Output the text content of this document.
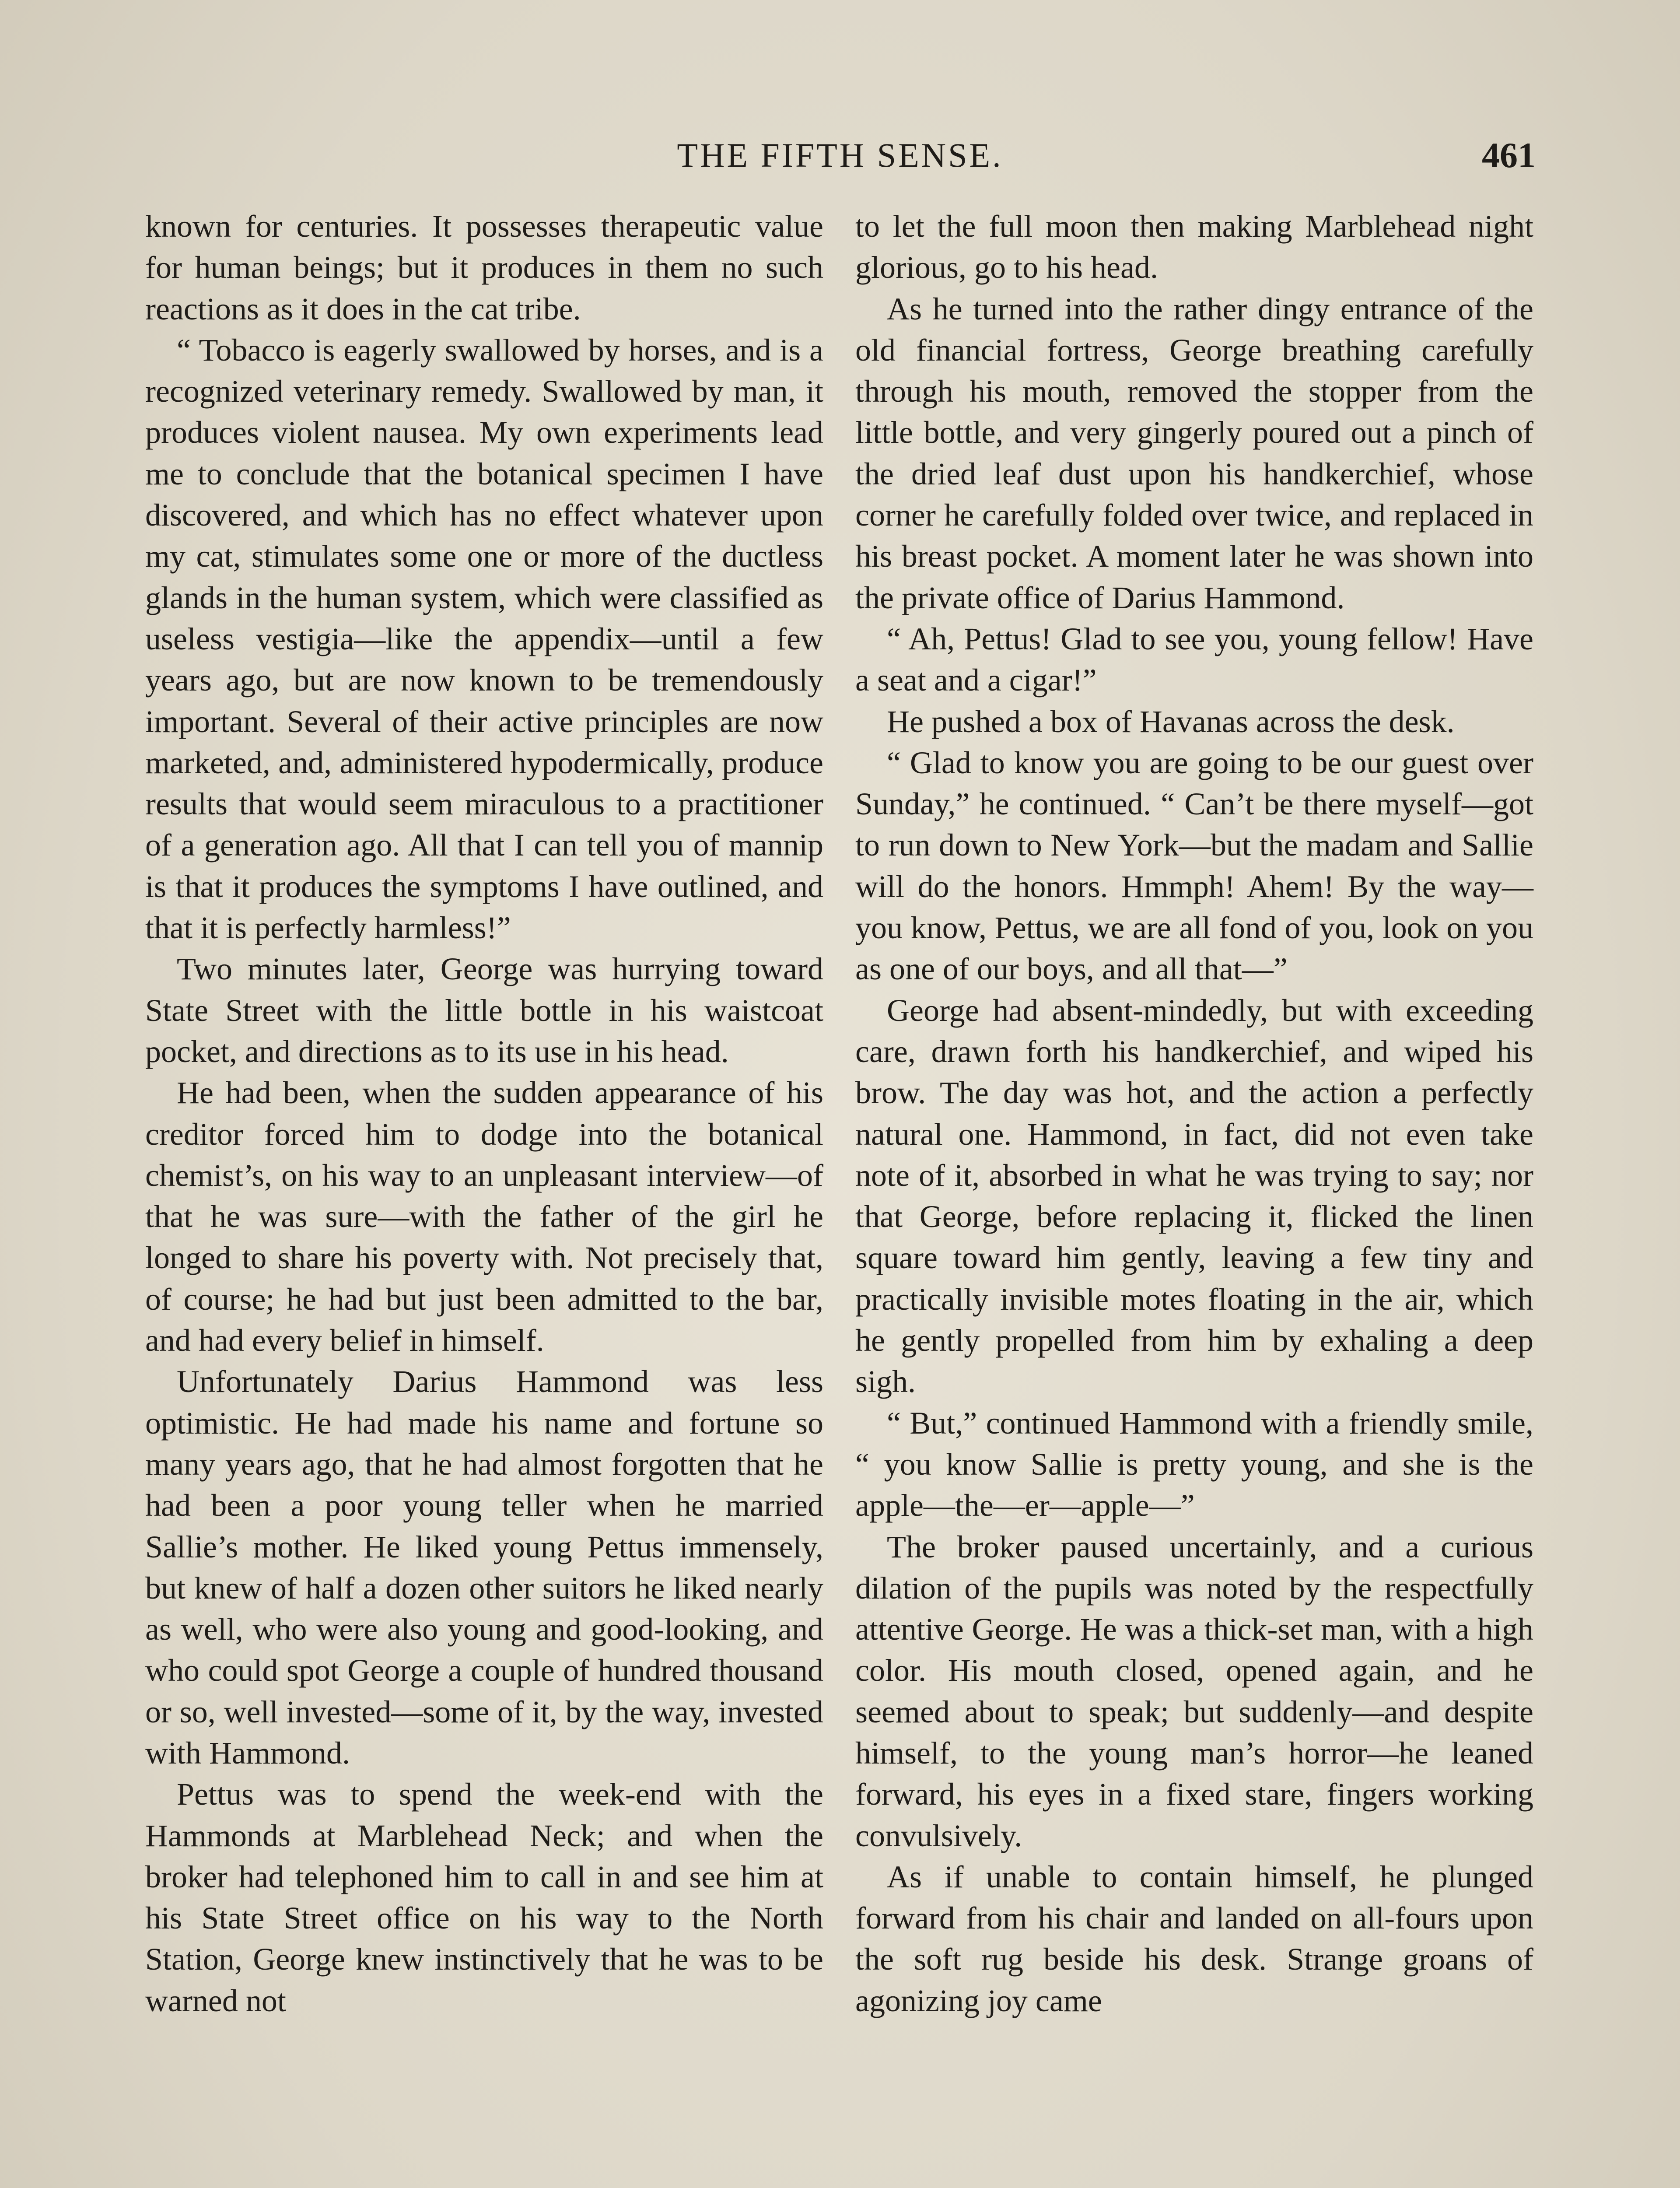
THE FIFTH SENSE.	461

known for centuries. It possesses therapeutic value for human beings; but it produces in them no such reactions as it does in the cat tribe.

“ Tobacco is eagerly swallowed by horses, and is a recognized veterinary remedy. Swallowed by man, it produces violent nausea. My own experiments lead me to conclude that the botanical specimen I have discovered, and which has no effect whatever upon my cat, stimulates some one or more of the ductless glands in the human system, which were classified as useless vestigia—like the appendix—until a few years ago, but are now known to be tremendously important. Several of their active principles are now marketed, and, administered hypodermically, produce results that would seem miraculous to a practitioner of a generation ago. All that I can tell you of mannip is that it produces the symptoms I have outlined, and that it is perfectly harmless!”

Two minutes later, George was hurrying toward State Street with the little bottle in his waistcoat pocket, and directions as to its use in his head.

He had been, when the sudden appearance of his creditor forced him to dodge into the botanical chemist’s, on his way to an unpleasant interview—of that he was sure—with the father of the girl he longed to share his poverty with. Not precisely that, of course; he had but just been admitted to the bar, and had every belief in himself.

Unfortunately Darius Hammond was less optimistic. He had made his name and fortune so many years ago, that he had almost forgotten that he had been a poor young teller when he married Sallie’s mother. He liked young Pettus immensely, but knew of half a dozen other suitors he liked nearly as well, who were also young and good-looking, and who could spot George a couple of hundred thousand or so, well invested—some of it, by the way, invested with Hammond.

Pettus was to spend the week-end with the Hammonds at Marblehead Neck; and when the broker had telephoned him to call in and see him at his State Street office on his way to the North Station, George knew instinctively that he was to be warned not

to let the full moon then making Marblehead night glorious, go to his head.

As he turned into the rather dingy entrance of the old financial fortress, George breathing carefully through his mouth, removed the stopper from the little bottle, and very gingerly poured out a pinch of the dried leaf dust upon his handkerchief, whose corner he carefully folded over twice, and replaced in his breast pocket. A moment later he was shown into the private office of Darius Hammond.

“ Ah, Pettus! Glad to see you, young fellow! Have a seat and a cigar!”

He pushed a box of Havanas across the desk.

“ Glad to know you are going to be our guest over Sunday,” he continued. “ Can’t be there myself—got to run down to New York—but the madam and Sallie will do the honors. Hmmph! Ahem! By the way—you know, Pettus, we are all fond of you, look on you as one of our boys, and all that—”

George had absent-mindedly, but with exceeding care, drawn forth his handkerchief, and wiped his brow. The day was hot, and the action a perfectly natural one. Hammond, in fact, did not even take note of it, absorbed in what he was trying to say; nor that George, before replacing it, flicked the linen square toward him gently, leaving a few tiny and practically invisible motes floating in the air, which he gently propelled from him by exhaling a deep sigh.

“ But,” continued Hammond with a friendly smile, “ you know Sallie is pretty young, and she is the apple—the—er—apple—”

The broker paused uncertainly, and a curious dilation of the pupils was noted by the respectfully attentive George. He was a thick-set man, with a high color. His mouth closed, opened again, and he seemed about to speak; but suddenly—and despite himself, to the young man’s horror—he leaned forward, his eyes in a fixed stare, fingers working convulsively.

As if unable to contain himself, he plunged forward from his chair and landed on all-fours upon the soft rug beside his desk. Strange groans of agonizing joy came
